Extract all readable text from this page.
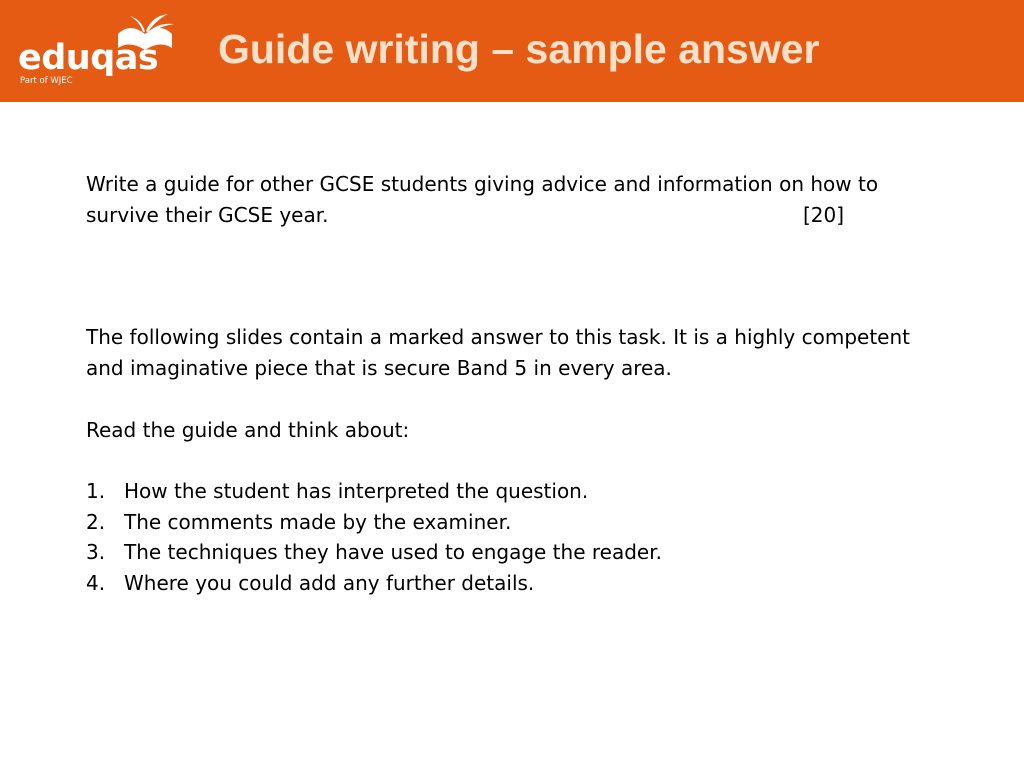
eduqas
Part of WJEC
Guide writing – sample answer

Write a guide for other GCSE students giving advice and information on how to

survive their GCSE year.	[20]

The following slides contain a marked answer to this task. It is a highly competent

and imaginative piece that is secure Band 5 in every area.

Read the guide and think about:

1. How the student has interpreted the question.
2. The comments made by the examiner.
3. The techniques they have used to engage the reader.
4. Where you could add any further details.
